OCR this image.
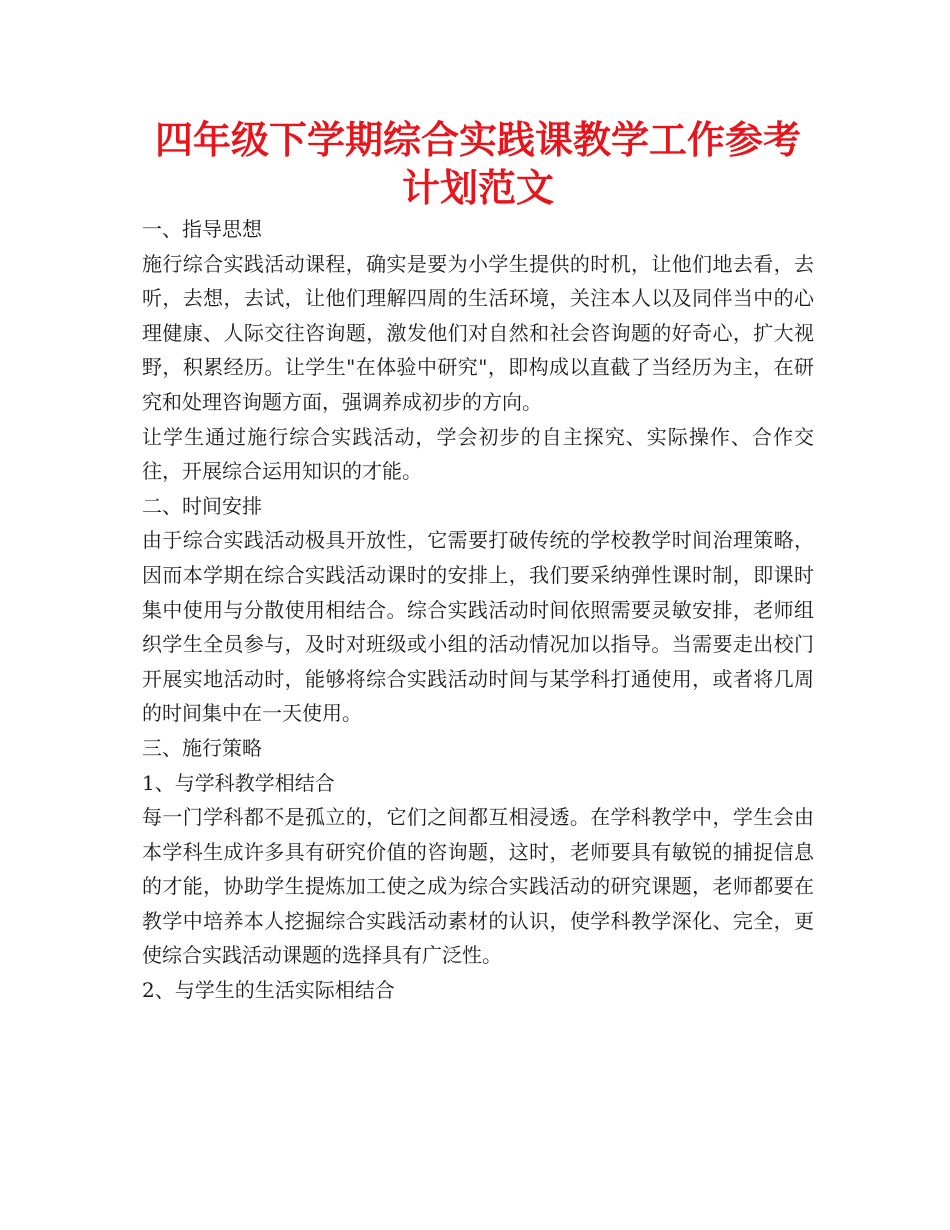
四年级下学期综合实践课教学工作参考计划范文

一、指导思想

施行综合实践活动课程，确实是要为小学生提供的时机，让他们地去看，去听，去想，去试，让他们理解四周的生活环境，关注本人以及同伴当中的心理健康、人际交往咨询题，激发他们对自然和社会咨询题的好奇心，扩大视野，积累经历。让学生"在体验中研究"，即构成以直截了当经历为主，在研究和处理咨询题方面，强调养成初步的方向。

让学生通过施行综合实践活动，学会初步的自主探究、实际操作、合作交往，开展综合运用知识的才能。

二、时间安排

由于综合实践活动极具开放性，它需要打破传统的学校教学时间治理策略，因而本学期在综合实践活动课时的安排上，我们要采纳弹性课时制，即课时集中使用与分散使用相结合。综合实践活动时间依照需要灵敏安排，老师组织学生全员参与，及时对班级或小组的活动情况加以指导。当需要走出校门开展实地活动时，能够将综合实践活动时间与某学科打通使用，或者将几周的时间集中在一天使用。

三、施行策略

1、与学科教学相结合

每一门学科都不是孤立的，它们之间都互相浸透。在学科教学中，学生会由本学科生成许多具有研究价值的咨询题，这时，老师要具有敏锐的捕捉信息的才能，协助学生提炼加工使之成为综合实践活动的研究课题，老师都要在教学中培养本人挖掘综合实践活动素材的认识，使学科教学深化、完全，更使综合实践活动课题的选择具有广泛性。

2、与学生的生活实际相结合
